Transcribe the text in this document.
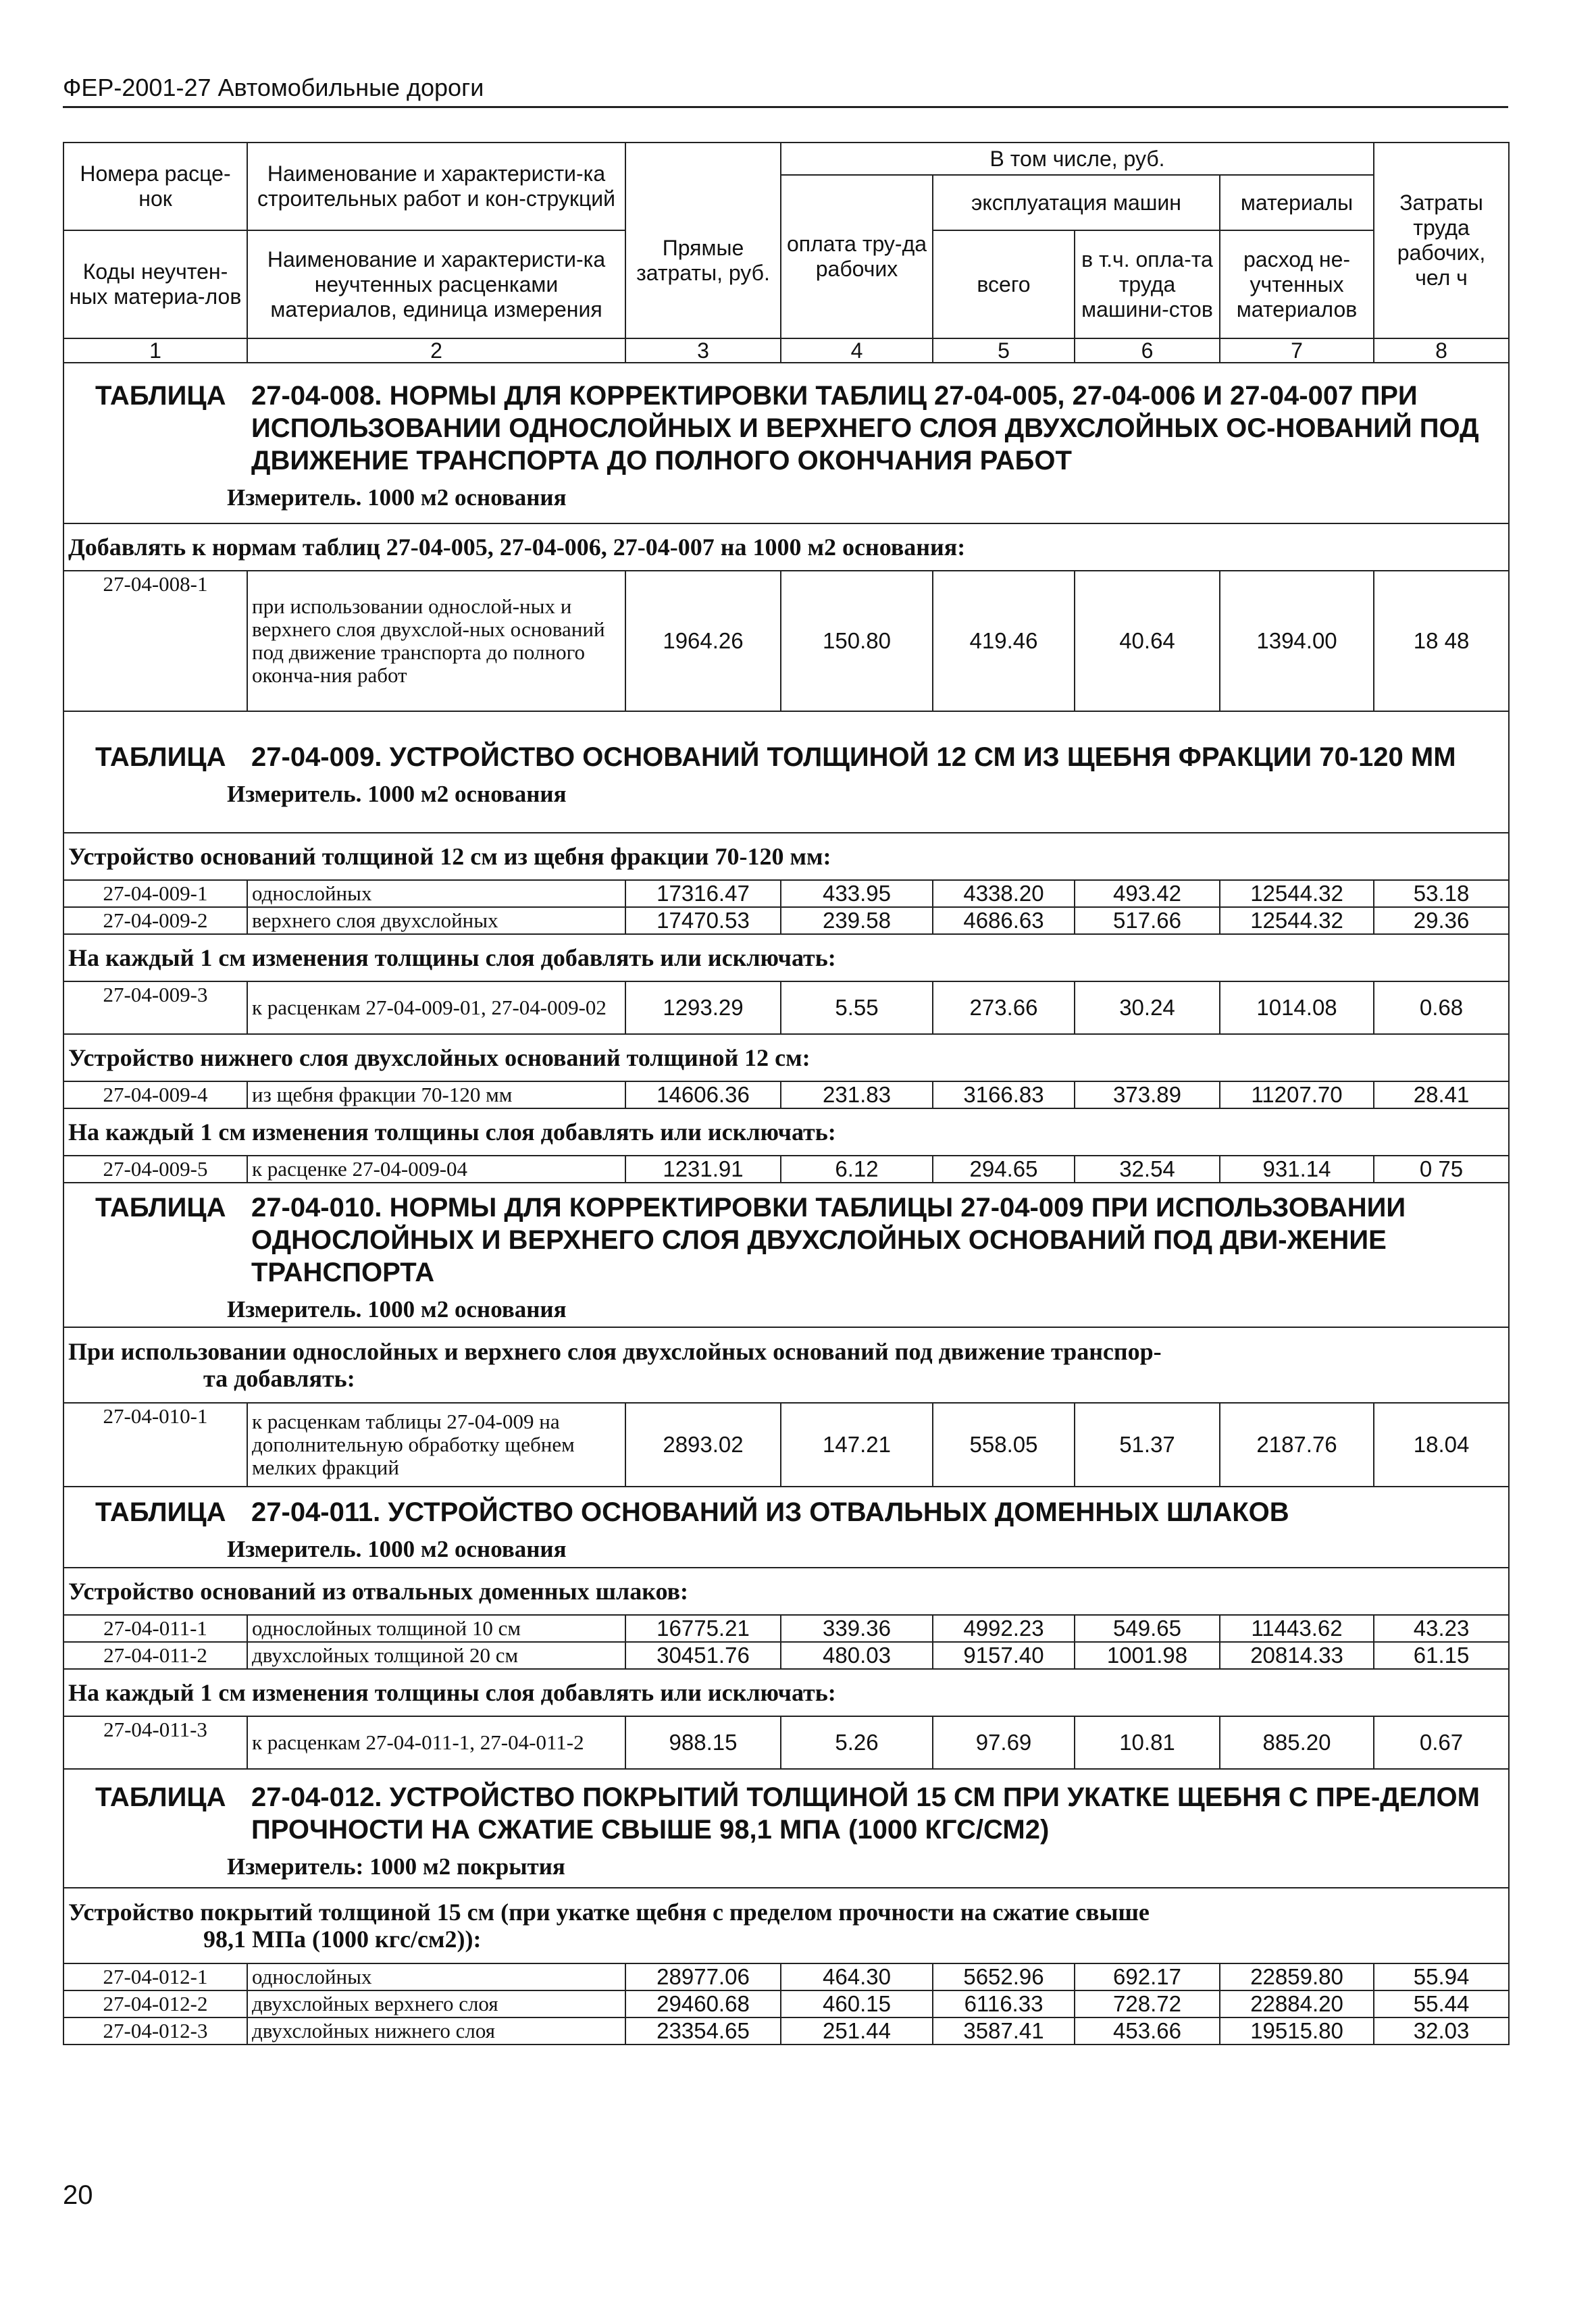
ФЕР-2001-27 Автомобильные дороги
Номера расце-нок	Наименование и характеристи-ка строительных работ и кон-струкций	Прямые затраты, руб.	В том числе, руб.				Затраты труда рабочих, чел ч
			оплата тру-да рабочих	эксплуатация машин		материалы	
Коды неучтен-ных материа-лов	Наименование и характеристи-ка неучтенных расценками материалов, единица измерения			всего	в т.ч. опла-та труда машини-стов	расход не-учтенных материалов	
1	2	3	4	5	6	7	8

ТАБЛИЦА 27-04-008. НОРМЫ ДЛЯ КОРРЕКТИРОВКИ ТАБЛИЦ 27-04-005, 27-04-006 И 27-04-007 ПРИ ИСПОЛЬЗОВАНИИ ОДНОСЛОЙНЫХ И ВЕРХНЕГО СЛОЯ ДВУХСЛОЙНЫХ ОС-НОВАНИЙ ПОД ДВИЖЕНИЕ ТРАНСПОРТА ДО ПОЛНОГО ОКОНЧАНИЯ РАБОТ
Измеритель. 1000 м2 основания							

Добавлять к нормам таблиц 27-04-005, 27-04-006, 27-04-007 на 1000 м2 основания:							

27-04-008-1	при использовании однослой-ных и верхнего слоя двухслой-ных оснований под движение транспорта до полного оконча-ния работ	1964.26	150.80	419.46	40.64	1394.00	18 48

ТАБЛИЦА 27-04-009. УСТРОЙСТВО ОСНОВАНИЙ ТОЛЩИНОЙ 12 СМ ИЗ ЩЕБНЯ ФРАКЦИИ 70-120 ММ
Измеритель. 1000 м2 основания							

Устройство оснований толщиной 12 см из щебня фракции 70-120 мм:							

27-04-009-1	однослойных	17316.47	433.95	4338.20	493.42	12544.32	53.18
27-04-009-2	верхнего слоя двухслойных	17470.53	239.58	4686.63	517.66	12544.32	29.36

На каждый 1 см изменения толщины слоя добавлять или исключать:							

27-04-009-3	к расценкам 27-04-009-01, 27-04-009-02	1293.29	5.55	273.66	30.24	1014.08	0.68

Устройство нижнего слоя двухслойных оснований толщиной 12 см:							

27-04-009-4	из щебня фракции 70-120 мм	14606.36	231.83	3166.83	373.89	11207.70	28.41

На каждый 1 см изменения толщины слоя добавлять или исключать:							

27-04-009-5	к расценке 27-04-009-04	1231.91	6.12	294.65	32.54	931.14	0 75

ТАБЛИЦА 27-04-010. НОРМЫ ДЛЯ КОРРЕКТИРОВКИ ТАБЛИЦЫ 27-04-009 ПРИ ИСПОЛЬЗОВАНИИ ОДНОСЛОЙНЫХ И ВЕРХНЕГО СЛОЯ ДВУХСЛОЙНЫХ ОСНОВАНИЙ ПОД ДВИ-ЖЕНИЕ ТРАНСПОРТА
Измеритель. 1000 м2 основания							

При использовании однослойных и верхнего слоя двухслойных оснований под движение транспор-
та добавлять:							

27-04-010-1	к расценкам таблицы 27-04-009 на дополнительную обработку щебнем мелких фракций	2893.02	147.21	558.05	51.37	2187.76	18.04

ТАБЛИЦА 27-04-011. УСТРОЙСТВО ОСНОВАНИЙ ИЗ ОТВАЛЬНЫХ ДОМЕННЫХ ШЛАКОВ
Измеритель. 1000 м2 основания							

Устройство оснований из отвальных доменных шлаков:							

27-04-011-1	однослойных толщиной 10 см	16775.21	339.36	4992.23	549.65	11443.62	43.23
27-04-011-2	двухслойных толщиной 20 см	30451.76	480.03	9157.40	1001.98	20814.33	61.15

На каждый 1 см изменения толщины слоя добавлять или исключать:							

27-04-011-3	к расценкам 27-04-011-1, 27-04-011-2	988.15	5.26	97.69	10.81	885.20	0.67

ТАБЛИЦА 27-04-012. УСТРОЙСТВО ПОКРЫТИЙ ТОЛЩИНОЙ 15 СМ ПРИ УКАТКЕ ЩЕБНЯ С ПРЕ-ДЕЛОМ ПРОЧНОСТИ НА СЖАТИЕ СВЫШЕ 98,1 МПА (1000 КГС/СМ2)
Измеритель: 1000 м2 покрытия							

Устройство покрытий толщиной 15 см (при укатке щебня с пределом прочности на сжатие свыше
98,1 МПа (1000 кгс/см2)):							

27-04-012-1	однослойных	28977.06	464.30	5652.96	692.17	22859.80	55.94
27-04-012-2	двухслойных верхнего слоя	29460.68	460.15	6116.33	728.72	22884.20	55.44
27-04-012-3	двухслойных нижнего слоя	23354.65	251.44	3587.41	453.66	19515.80	32.03
20
